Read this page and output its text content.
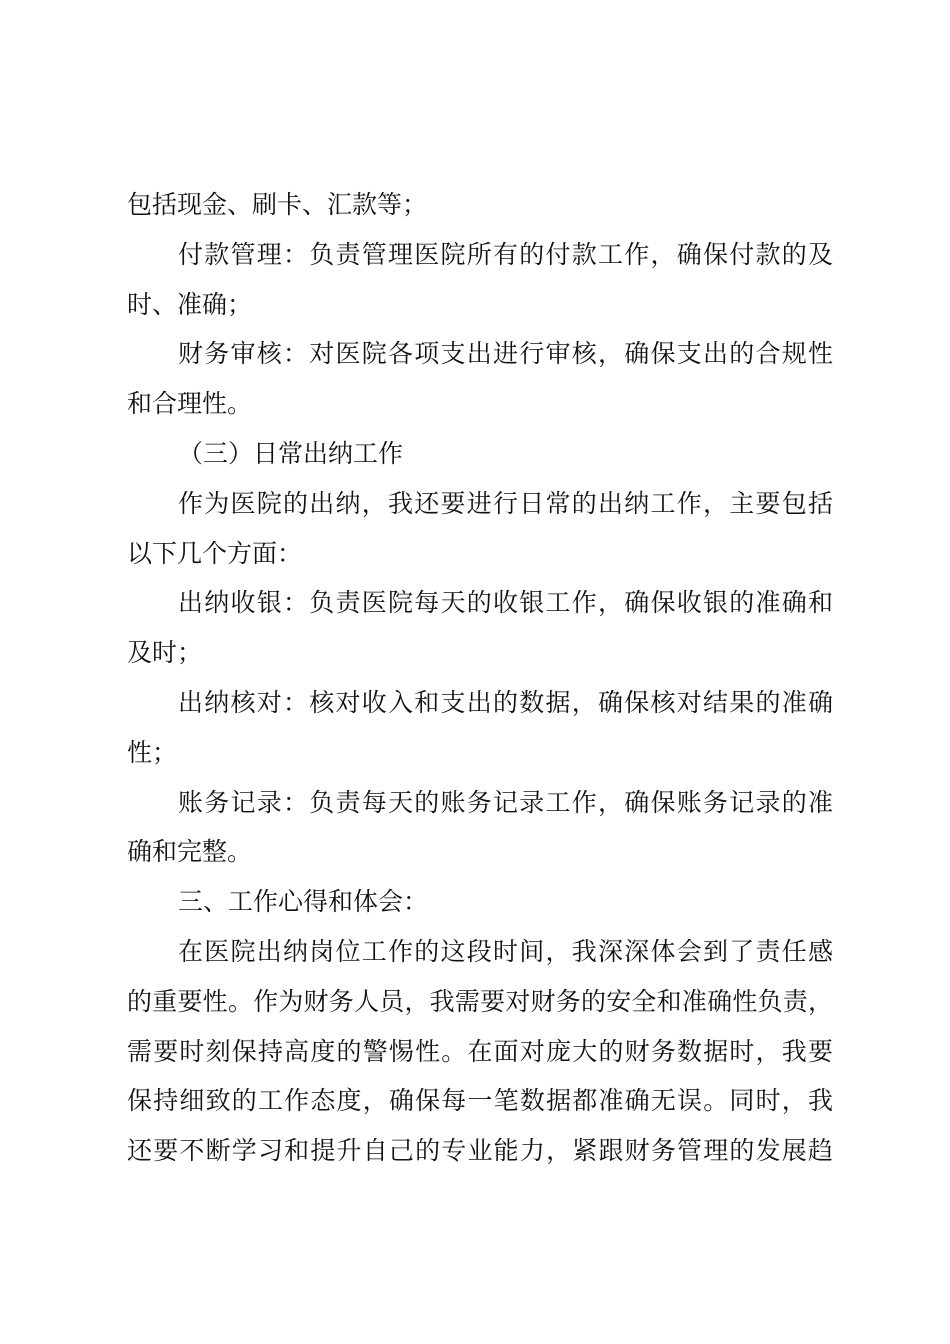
包括现金、刷卡、汇款等；
付款管理：负责管理医院所有的付款工作，确保付款的及
时、准确；
财务审核：对医院各项支出进行审核，确保支出的合规性
和合理性。
（三）日常出纳工作
作为医院的出纳，我还要进行日常的出纳工作，主要包括
以下几个方面：
出纳收银：负责医院每天的收银工作，确保收银的准确和
及时；
出纳核对：核对收入和支出的数据，确保核对结果的准确
性；
账务记录：负责每天的账务记录工作，确保账务记录的准
确和完整。
三、工作心得和体会：
在医院出纳岗位工作的这段时间，我深深体会到了责任感
的重要性。作为财务人员，我需要对财务的安全和准确性负责，
需要时刻保持高度的警惕性。在面对庞大的财务数据时，我要
保持细致的工作态度，确保每一笔数据都准确无误。同时，我
还要不断学习和提升自己的专业能力，紧跟财务管理的发展趋
